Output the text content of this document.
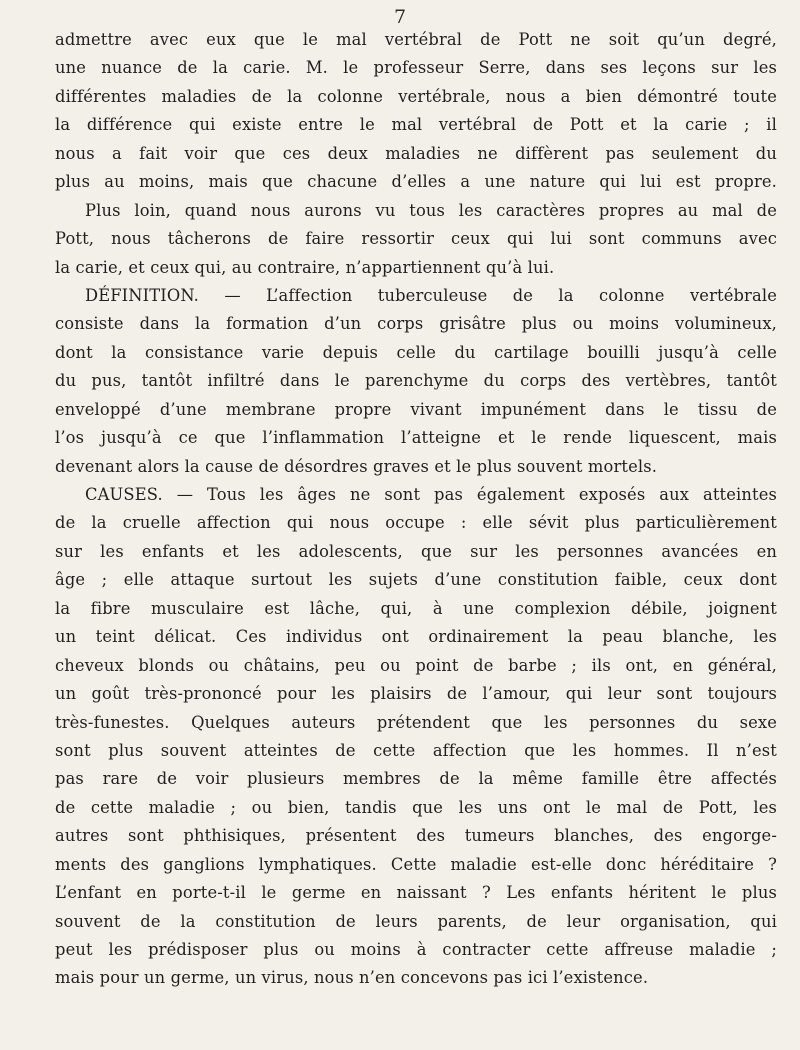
7
admettre avec eux que le mal vertébral de Pott ne soit qu’un degré,
une nuance de la carie. M. le professeur Serre, dans ses leçons sur les
différentes maladies de la colonne vertébrale, nous a bien démontré toute
la différence qui existe entre le mal vertébral de Pott et la carie ; il
nous a fait voir que ces deux maladies ne diffèrent pas seulement du
plus au moins, mais que chacune d’elles a une nature qui lui est propre.
Plus loin, quand nous aurons vu tous les caractères propres au mal de
Pott, nous tâcherons de faire ressortir ceux qui lui sont communs avec
la carie, et ceux qui, au contraire, n’appartiennent qu’à lui.
DÉFINITION. — L’affection tuberculeuse de la colonne vertébrale
consiste dans la formation d’un corps grisâtre plus ou moins volumineux,
dont la consistance varie depuis celle du cartilage bouilli jusqu’à celle
du pus, tantôt infiltré dans le parenchyme du corps des vertèbres, tantôt
enveloppé d’une membrane propre vivant impunément dans le tissu de
l’os jusqu’à ce que l’inflammation l’atteigne et le rende liquescent, mais
devenant alors la cause de désordres graves et le plus souvent mortels.
CAUSES. — Tous les âges ne sont pas également exposés aux atteintes
de la cruelle affection qui nous occupe : elle sévit plus particulièrement
sur les enfants et les adolescents, que sur les personnes avancées en
âge ; elle attaque surtout les sujets d’une constitution faible, ceux dont
la fibre musculaire est lâche, qui, à une complexion débile, joignent
un teint délicat. Ces individus ont ordinairement la peau blanche, les
cheveux blonds ou châtains, peu ou point de barbe ; ils ont, en général,
un goût très-prononcé pour les plaisirs de l’amour, qui leur sont toujours
très-funestes. Quelques auteurs prétendent que les personnes du sexe
sont plus souvent atteintes de cette affection que les hommes. Il n’est
pas rare de voir plusieurs membres de la même famille être affectés
de cette maladie ; ou bien, tandis que les uns ont le mal de Pott, les
autres sont phthisiques, présentent des tumeurs blanches, des engorge-
ments des ganglions lymphatiques. Cette maladie est-elle donc héréditaire ?
L’enfant en porte-t-il le germe en naissant ? Les enfants héritent le plus
souvent de la constitution de leurs parents, de leur organisation, qui
peut les prédisposer plus ou moins à contracter cette affreuse maladie ;
mais pour un germe, un virus, nous n’en concevons pas ici l’existence.
